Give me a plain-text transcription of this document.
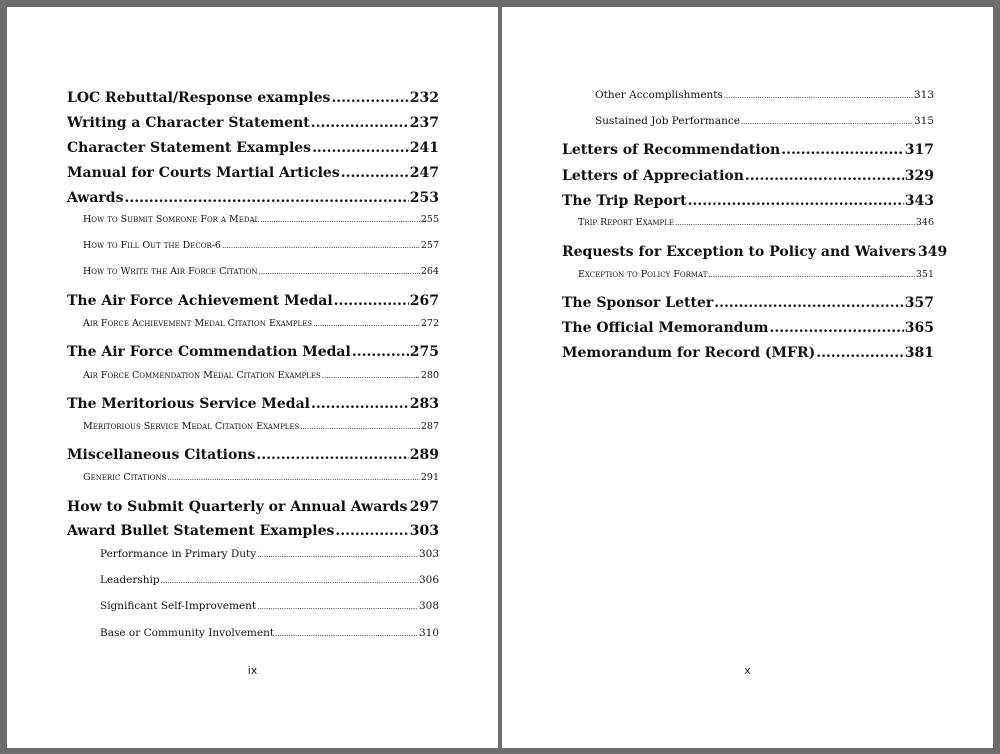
LOC Rebuttal/Response examples .....	232
Writing a Character Statement .....	237
Character Statement Examples .....	241
Manual for Courts Martial Articles .....	247
Awards .....	253
How to Submit Someone For a Medal .....	255
How to Fill Out the Decor-6 .....	257
How to Write the Air Force Citation .....	264
The Air Force Achievement Medal .....	267
Air Force Achievement Medal Citation Examples .....	272
The Air Force Commendation Medal .....	275
Air Force Commendation Medal Citation Examples .....	280
The Meritorious Service Medal .....	283
Meritorious Service Medal Citation Examples .....	287
Miscellaneous Citations .....	289
Generic Citations .....	291
How to Submit Quarterly or Annual Awards ..... 297
Award Bullet Statement Examples .....	303
Performance in Primary Duty .....	303
Leadership .....	306
Significant Self-Improvement .....	308
Base or Community Involvement .....	310
ix
Other Accomplishments .....	313
Sustained Job Performance .....	315
Letters of Recommendation .....	317
Letters of Appreciation .....	329
The Trip Report .....	343
Trip Report Example .....	346
Requests for Exception to Policy and Waivers 349
Exception to Policy Format .....	351
The Sponsor Letter .....	357
The Official Memorandum .....	365
Memorandum for Record (MFR) .....	381
x
